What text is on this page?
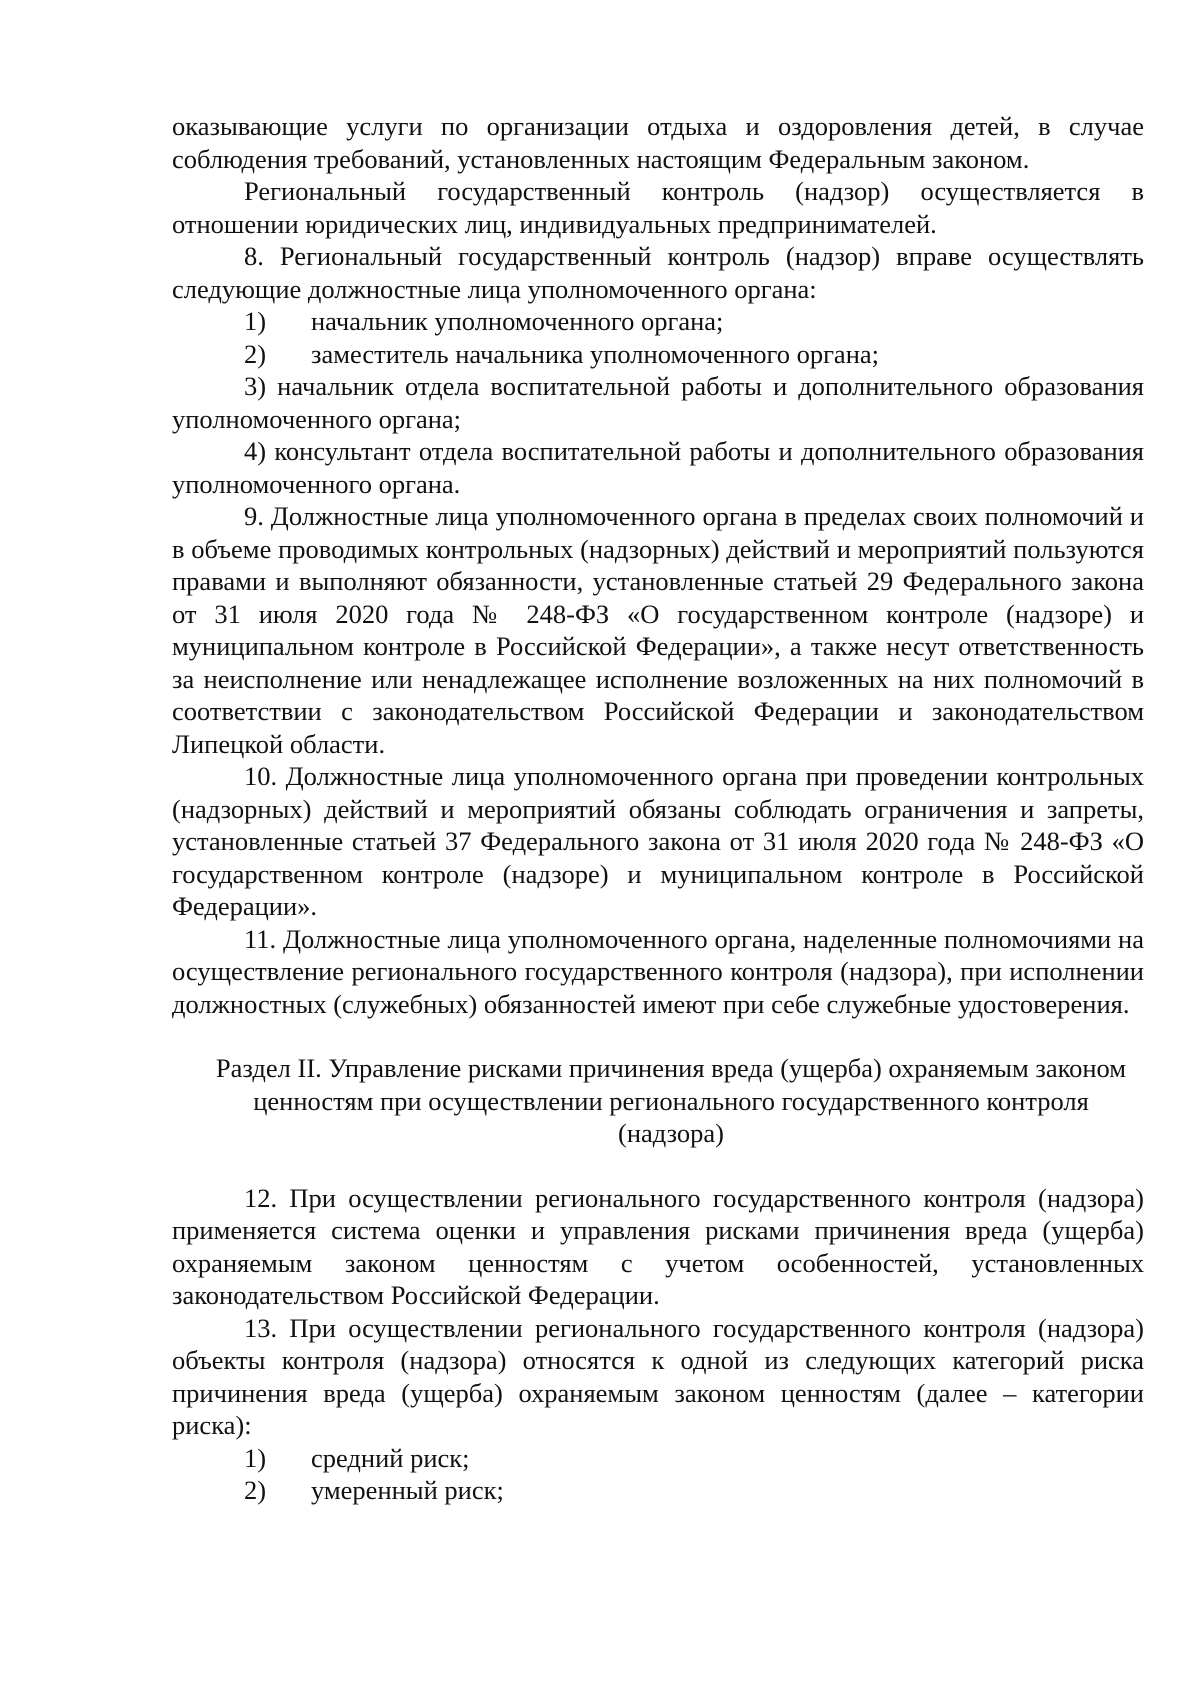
оказывающие услуги по организации отдыха и оздоровления детей, в случае соблюдения требований, установленных настоящим Федеральным законом.

Региональный государственный контроль (надзор) осуществляется в отношении юридических лиц, индивидуальных предпринимателей.

8. Региональный государственный контроль (надзор) вправе осуществлять следующие должностные лица уполномоченного органа:

1) начальник уполномоченного органа;

2) заместитель начальника уполномоченного органа;

3) начальник отдела воспитательной работы и дополнительного образования уполномоченного органа;

4) консультант отдела воспитательной работы и дополнительного образования уполномоченного органа.

9. Должностные лица уполномоченного органа в пределах своих полномочий и в объеме проводимых контрольных (надзорных) действий и мероприятий пользуются правами и выполняют обязанности, установленные статьей 29 Федерального закона от 31 июля 2020 года № 248-ФЗ «О государственном контроле (надзоре) и муниципальном контроле в Российской Федерации», а также несут ответственность за неисполнение или ненадлежащее исполнение возложенных на них полномочий в соответствии с законодательством Российской Федерации и законодательством Липецкой области.

10. Должностные лица уполномоченного органа при проведении контрольных (надзорных) действий и мероприятий обязаны соблюдать ограничения и запреты, установленные статьей 37 Федерального закона от 31 июля 2020 года № 248-ФЗ «О государственном контроле (надзоре) и муниципальном контроле в Российской Федерации».

11. Должностные лица уполномоченного органа, наделенные полномочиями на осуществление регионального государственного контроля (надзора), при исполнении должностных (служебных) обязанностей имеют при себе служебные удостоверения.

Раздел II. Управление рисками причинения вреда (ущерба) охраняемым законом ценностям при осуществлении регионального государственного контроля (надзора)

12. При осуществлении регионального государственного контроля (надзора) применяется система оценки и управления рисками причинения вреда (ущерба) охраняемым законом ценностям с учетом особенностей, установленных законодательством Российской Федерации.

13. При осуществлении регионального государственного контроля (надзора) объекты контроля (надзора) относятся к одной из следующих категорий риска причинения вреда (ущерба) охраняемым законом ценностям (далее – категории риска):

1) средний риск;

2) умеренный риск;
